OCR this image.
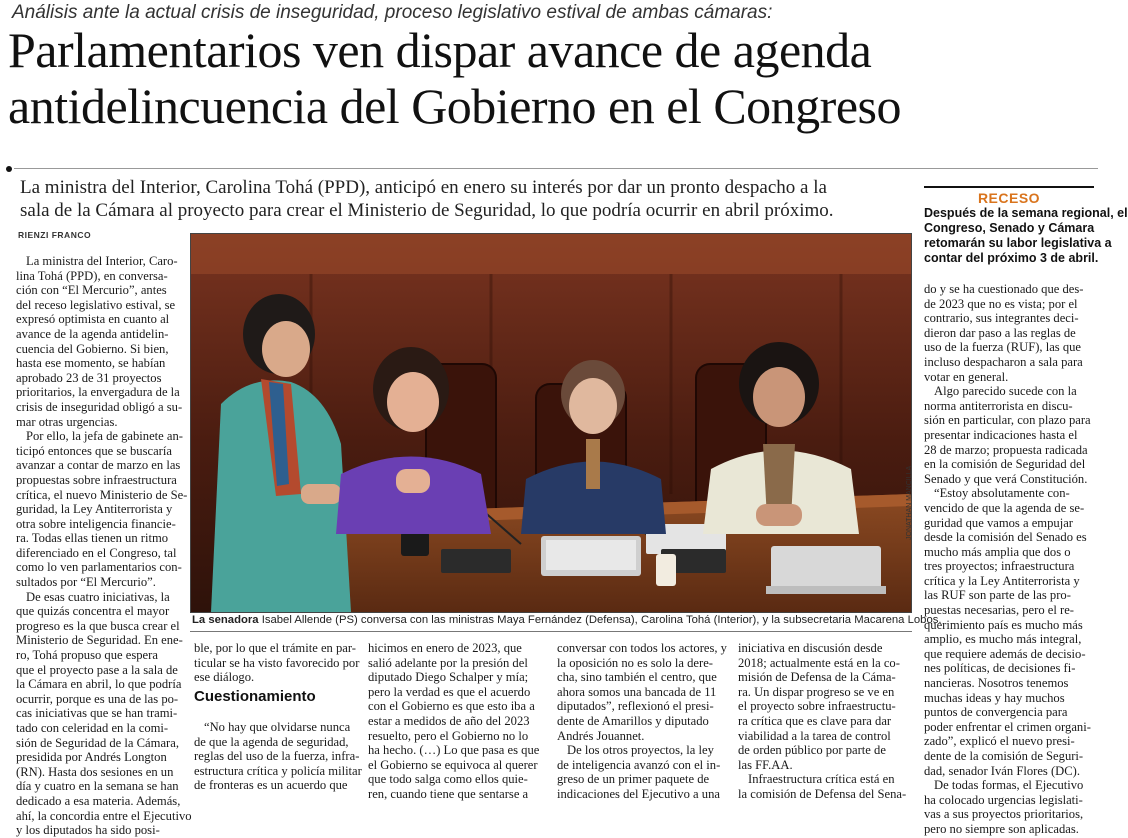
Análisis ante la actual crisis de inseguridad, proceso legislativo estival de ambas cámaras:
Parlamentarios ven dispar avance de agenda
antidelincuencia del Gobierno en el Congreso
La ministra del Interior, Carolina Tohá (PPD), anticipó en enero su interés por dar un pronto despacho a la
sala de la Cámara al proyecto para crear el Ministerio de Seguridad, lo que podría ocurrir en abril próximo.
RECESO
Después de la semana regional, el
Congreso, Senado y Cámara
retomarán su labor legislativa a
contar del próximo 3 de abril.
RIENZI FRANCO
JONATHAN MANCILLA
La senadora Isabel Allende (PS) conversa con las ministras Maya Fernández (Defensa), Carolina Tohá (Interior), y la subsecretaria Macarena Lobos.
La ministra del Interior, Caro-
lina Tohá (PPD), en conversa-
ción con “El Mercurio”, antes
del receso legislativo estival, se
expresó optimista en cuanto al
avance de la agenda antidelin-
cuencia del Gobierno. Si bien,
hasta ese momento, se habían
aprobado 23 de 31 proyectos
prioritarios, la envergadura de la
crisis de inseguridad obligó a su-
mar otras urgencias.
Por ello, la jefa de gabinete an-
ticipó entonces que se buscaría
avanzar a contar de marzo en las
propuestas sobre infraestructura
crítica, el nuevo Ministerio de Se-
guridad, la Ley Antiterrorista y
otra sobre inteligencia financie-
ra. Todas ellas tienen un ritmo
diferenciado en el Congreso, tal
como lo ven parlamentarios con-
sultados por “El Mercurio”.
De esas cuatro iniciativas, la
que quizás concentra el mayor
progreso es la que busca crear el
Ministerio de Seguridad. En ene-
ro, Tohá propuso que espera
que el proyecto pase a la sala de
la Cámara en abril, lo que podría
ocurrir, porque es una de las po-
cas iniciativas que se han trami-
tado con celeridad en la comi-
sión de Seguridad de la Cámara,
presidida por Andrés Longton
(RN). Hasta dos sesiones en un
día y cuatro en la semana se han
dedicado a esa materia. Además,
ahí, la concordia entre el Ejecutivo
y los diputados ha sido posi-
ble, por lo que el trámite en par-
ticular se ha visto favorecido por
ese diálogo.
Cuestionamiento
“No hay que olvidarse nunca
de que la agenda de seguridad,
reglas del uso de la fuerza, infra-
estructura crítica y policía militar
de fronteras es un acuerdo que
hicimos en enero de 2023, que
salió adelante por la presión del
diputado Diego Schalper y mía;
pero la verdad es que el acuerdo
con el Gobierno es que esto iba a
estar a medidos de año del 2023
resuelto, pero el Gobierno no lo
ha hecho. (…) Lo que pasa es que
el Gobierno se equivoca al querer
que todo salga como ellos quie-
ren, cuando tiene que sentarse a
conversar con todos los actores, y
la oposición no es solo la dere-
cha, sino también el centro, que
ahora somos una bancada de 11
diputados”, reflexionó el presi-
dente de Amarillos y diputado
Andrés Jouannet.
De los otros proyectos, la ley
de inteligencia avanzó con el in-
greso de un primer paquete de
indicaciones del Ejecutivo a una
iniciativa en discusión desde
2018; actualmente está en la co-
misión de Defensa de la Cáma-
ra. Un dispar progreso se ve en
el proyecto sobre infraestructu-
ra crítica que es clave para dar
viabilidad a la tarea de control
de orden público por parte de
las FF.AA.
Infraestructura crítica está en
la comisión de Defensa del Sena-
do y se ha cuestionado que des-
de 2023 que no es vista; por el
contrario, sus integrantes deci-
dieron dar paso a las reglas de
uso de la fuerza (RUF), las que
incluso despacharon a sala para
votar en general.
Algo parecido sucede con la
norma antiterrorista en discu-
sión en particular, con plazo para
presentar indicaciones hasta el
28 de marzo; propuesta radicada
en la comisión de Seguridad del
Senado y que verá Constitución.
“Estoy absolutamente con-
vencido de que la agenda de se-
guridad que vamos a empujar
desde la comisión del Senado es
mucho más amplia que dos o
tres proyectos; infraestructura
crítica y la Ley Antiterrorista y
las RUF son parte de las pro-
puestas necesarias, pero el re-
querimiento país es mucho más
amplio, es mucho más integral,
que requiere además de decisio-
nes políticas, de decisiones fi-
nancieras. Nosotros tenemos
muchas ideas y hay muchos
puntos de convergencia para
poder enfrentar el crimen organi-
zado”, explicó el nuevo presi-
dente de la comisión de Seguri-
dad, senador Iván Flores (DC).
De todas formas, el Ejecutivo
ha colocado urgencias legislati-
vas a sus proyectos prioritarios,
pero no siempre son aplicadas.
